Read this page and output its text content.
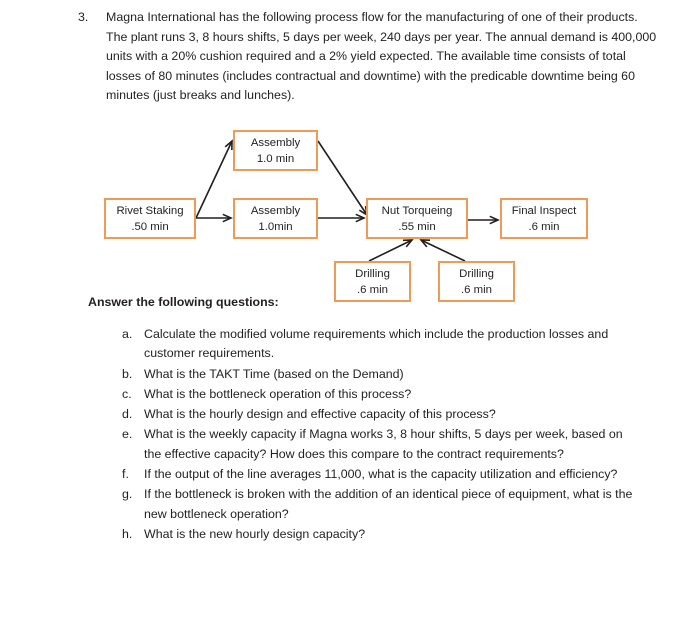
3.	Magna International has the following process flow for the manufacturing of one of their products. The plant runs 3, 8 hours shifts, 5 days per week, 240 days per year. The annual demand is 400,000 units with a 20% cushion required and a 2% yield expected. The available time consists of total losses of 80 minutes (includes contractual and downtime) with the predicable downtime being 60 minutes (just breaks and lunches).
Rivet Staking
.50 min
Assembly
1.0 min
Assembly
1.0min
Nut Torqueing
.55 min
Final Inspect
.6 min
Drilling
.6 min
Drilling
.6 min
Answer the following questions:
a. Calculate the modified volume requirements which include the production losses and customer requirements.
b. What is the TAKT Time (based on the Demand)
c. What is the bottleneck operation of this process?
d. What is the hourly design and effective capacity of this process?
e. What is the weekly capacity if Magna works 3, 8 hour shifts, 5 days per week, based on the effective capacity? How does this compare to the contract requirements?
f.	If the output of the line averages 11,000, what is the capacity utilization and efficiency?
g. If the bottleneck is broken with the addition of an identical piece of equipment, what is the new bottleneck operation?
h. What is the new hourly design capacity?
